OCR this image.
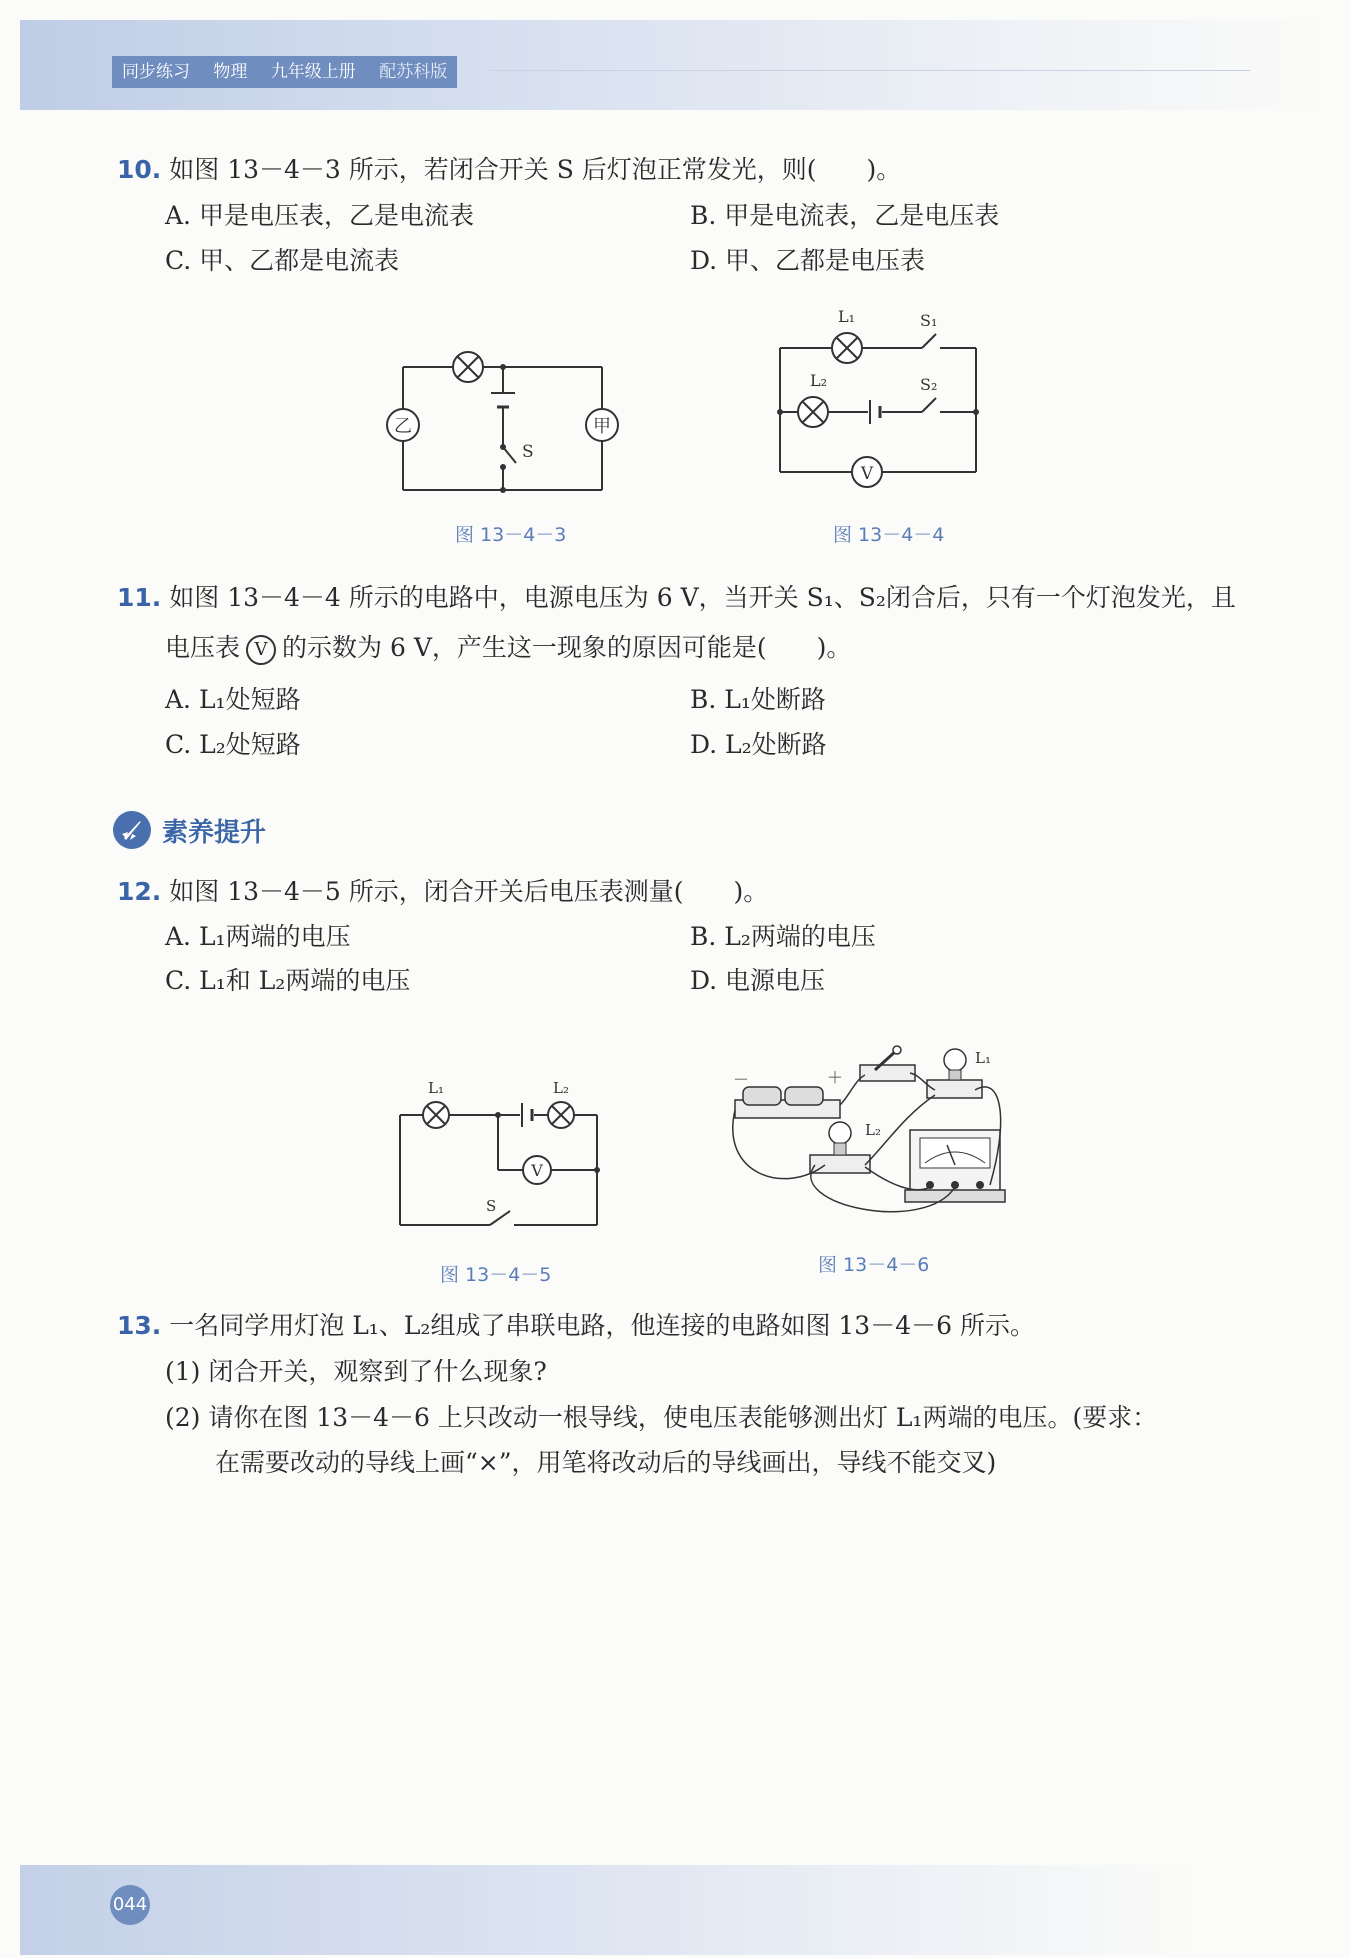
同步练习 物理 九年级上册 配苏科版
10. 如图 13－4－3 所示，若闭合开关 S 后灯泡正常发光，则(　　)。
A. 甲是电压表，乙是电流表	B. 甲是电流表，乙是电压表
C. 甲、乙都是电流表	D. 甲、乙都是电压表
乙	甲
S
图 13－4－3
V
L₁
L₂
S₁
S₂
图 13－4－4
11. 如图 13－4－4 所示的电路中，电源电压为 6 V，当开关 S₁、S₂闭合后，只有一个灯泡发光，且
电压表 V 的示数为 6 V，产生这一现象的原因可能是(　　)。
A. L₁处短路	B. L₁处断路
C. L₂处短路	D. L₂处断路
素养提升
12. 如图 13－4－5 所示，闭合开关后电压表测量(　　)。
A. L₁两端的电压	B. L₂两端的电压
C. L₁和 L₂两端的电压	D. 电源电压
V
L₁	L₂
S
图 13－4－5
－	＋
L₁
L₂
图 13－4－6
13. 一名同学用灯泡 L₁、L₂组成了串联电路，他连接的电路如图 13－4－6 所示。
(1) 闭合开关，观察到了什么现象?
(2) 请你在图 13－4－6 上只改动一根导线，使电压表能够测出灯 L₁两端的电压。(要求：
在需要改动的导线上画“×”，用笔将改动后的导线画出，导线不能交叉)
044
